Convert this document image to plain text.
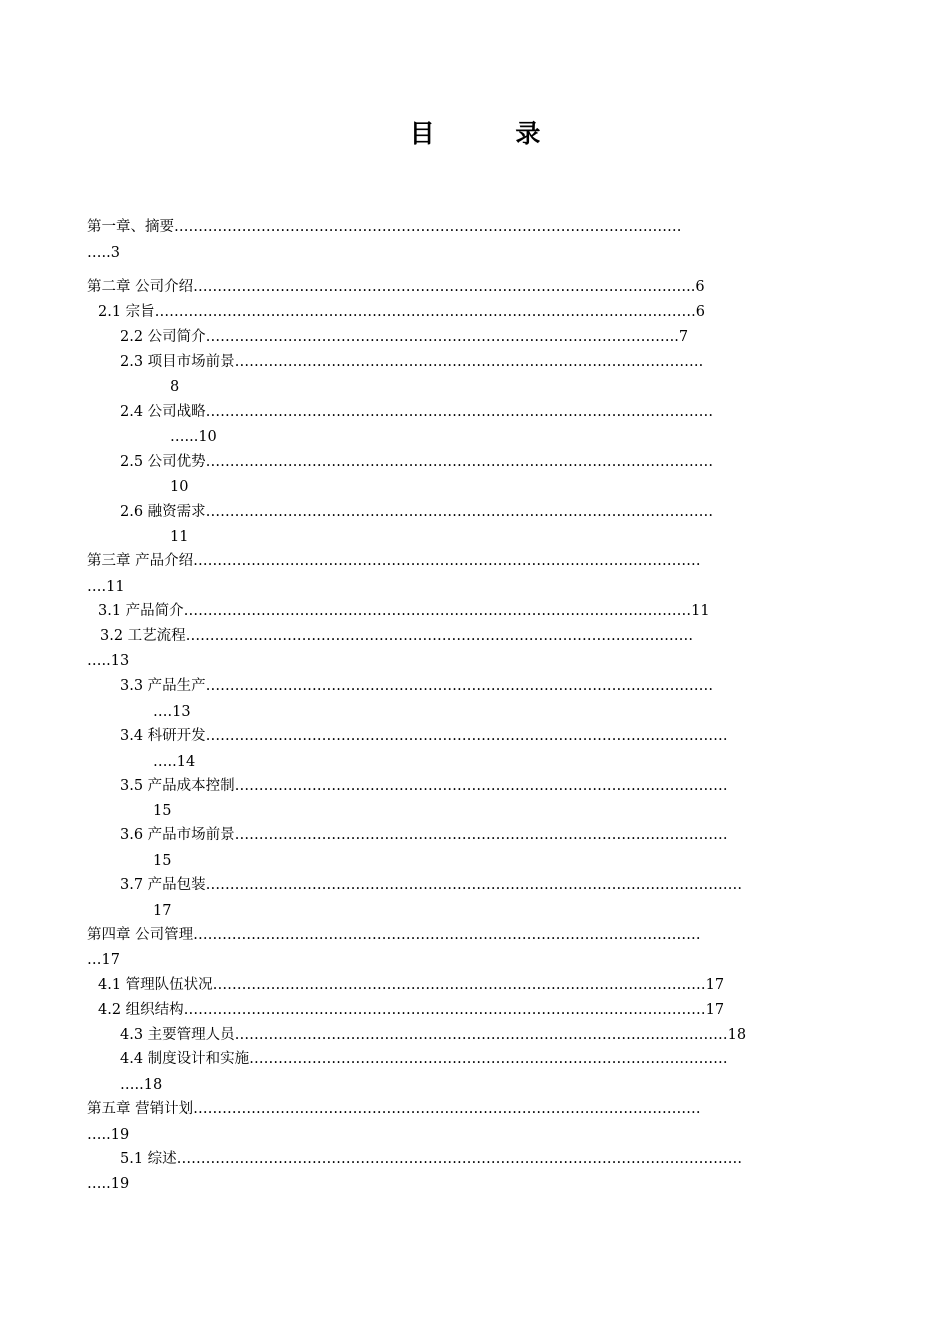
目 录
第一章、摘要……………………………………………………………………………………………
…..3
第二章 公司介绍…………………………………………………………………………………………..6
2.1 宗旨………………………………………………………………………………………………….6
2.2 公司简介……………………………………………………………………………………..7
2.3 项目市场前景…………………………………………………………………………………….
8
2.4 公司战略……………………………………………………………………………………………
…...10
2.5 公司优势……………………………………………………………………………………………
10
2.6 融资需求……………………………………………………………………………………………
11
第三章 产品介绍……………………………………………………………………………………………
….11
3.1 产品简介……………………………………………………………………………………………11
3.2 工艺流程……………………………………………………………………………………………
…..13
3.3 产品生产……………………………………………………………………………………………
….13
3.4 科研开发………………………………………………………………………………………………
…..14
3.5 产品成本控制…………………………………………………………………………………………
15
3.6 产品市场前景…………………………………………………………………………………………
15
3.7 产品包装…………………………………………………………………………………………………
17
第四章 公司管理……………………………………………………………………………………………
…17
4.1 管理队伍状况…………………………………………………………………………………………17
4.2 组织结构………………………………………………………………………………………………17
4.3 主要管理人员…………………………………………………………………………………………18
4.4 制度设计和实施………………………………………………………………………………………
…..18
第五章 营销计划……………………………………………………………………………………………
…..19
5.1 综述………………………………………………………………………………………………………
…..19
